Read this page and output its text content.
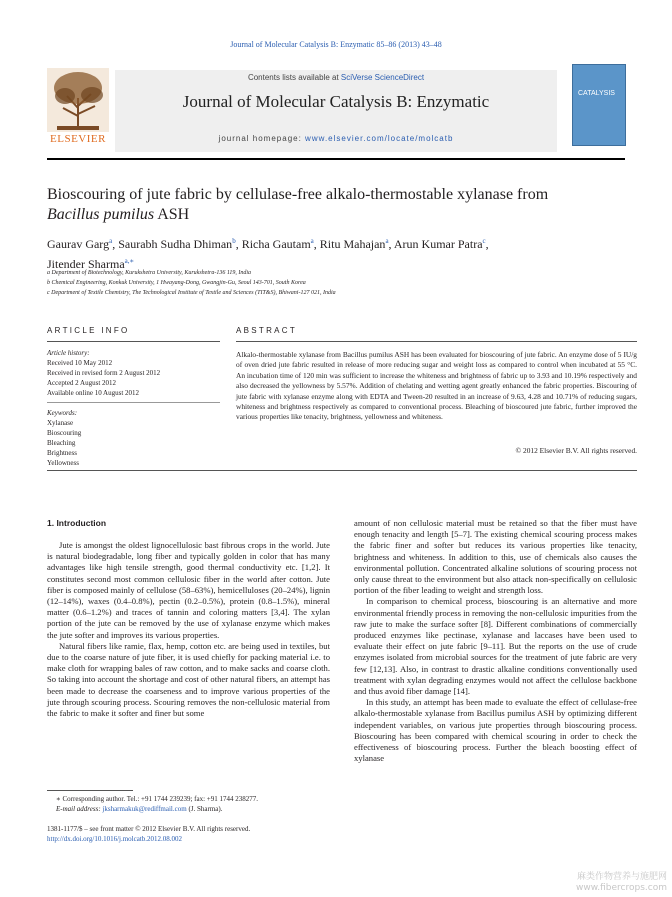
Journal of Molecular Catalysis B: Enzymatic 85–86 (2013) 43–48
ELSEVIER
Contents lists available at SciVerse ScienceDirect
Journal of Molecular Catalysis B: Enzymatic
journal homepage: www.elsevier.com/locate/molcatb
CATALYSIS
Bioscouring of jute fabric by cellulase-free alkalo-thermostable xylanase from
Bacillus pumilus ASH
Gaurav Garg$^a$, Saurabh Sudha Dhiman$^b$, Richa Gautam$^a$, Ritu Mahajan$^a$, Arun Kumar Patra$^c$,
Jitender Sharma$^{a,∗}$
a Department of Biotechnology, Kurukshetra University, Kurukshetra-136 119, India
b Chemical Engineering, Konkuk University, 1 Hwayang-Dong, Gwangjin-Gu, Seoul 143-701, South Korea
c Department of Textile Chemistry, The Technological Institute of Textile and Sciences (TIT&S), Bhiwani-127 021, India
ARTICLE INFO	ABSTRACT
Article history:
Received 10 May 2012
Received in revised form 2 August 2012
Accepted 2 August 2012
Available online 10 August 2012
Keywords:
Xylanase
Bioscouring
Bleaching
Brightness
Yellowness
Alkalo-thermostable xylanase from Bacillus pumilus ASH has been evaluated for bioscouring of jute fabric. An enzyme dose of 5 IU/g of oven dried jute fabric resulted in release of more reducing sugar and weight loss as compared to control when incubated at 55 °C. An incubation time of 120 min was sufficient to increase the whiteness and brightness of fabric up to 3.93 and 10.19% respectively and also decreased the yellowness by 5.57%. Addition of chelating and wetting agent greatly enhanced the fabric properties. Biscouring of jute fabric with xylanase enzyme along with EDTA and Tween-20 resulted in an increase of 9.63, 4.28 and 10.71% of reducing sugars, whiteness and brightness respectively as compared to conventional process. Bleaching of bioscoured jute fabric, further improved the various properties like tenacity, brightness, yellowness and whiteness.
© 2012 Elsevier B.V. All rights reserved.
1. Introduction

Jute is amongst the oldest lignocellulosic bast fibrous crops in the world. Jute is natural biodegradable, long fiber and typically golden in color that has many advantages like high tensile strength, good thermal conductivity etc. [1,2]. It constitutes second most common cellulosic fiber in the world after cotton. Jute fiber is composed mainly of cellulose (58–63%), hemicelluloses (20–24%), lignin (12–14%), waxes (0.4–0.8%), pectin (0.2–0.5%), protein (0.8–1.5%), mineral matter (0.6–1.2%) and traces of tannin and coloring matters [3,4]. The xylan portion of the jute can be removed by the use of xylanase enzyme which makes the jute softer and improves its various properties.

Natural fibers like ramie, flax, hemp, cotton etc. are being used in textiles, but due to the coarse nature of jute fiber, it is used chiefly for packing material i.e. to make cloth for wrapping bales of raw cotton, and to make sacks and coarse cloth. So taking into account the shortage and cost of other natural fibers, an attempt has been made to decrease the coarseness and to improve various properties of the jute through scouring process. Scouring removes the non-cellulosic material from the fabric to make it softer and finer but some

amount of non cellulosic material must be retained so that the fiber must have enough tenacity and length [5–7]. The existing chemical scouring process makes the fabric finer and softer but reduces its various properties like tenacity, brightness and whiteness. In addition to this, use of chemicals also causes the environmental pollution. Concentrated alkaline solutions of scouring process not only cause threat to the environment but also attack non-specifically on cellulosic portion of the fiber leading to weight and strength loss.

In comparison to chemical process, bioscouring is an alternative and more environmental friendly process in removing the non-cellulosic impurities from the raw jute to make the surface softer [8]. Different combinations of commercially produced enzymes like pectinase, xylanase and laccases have been used to evaluate their effect on jute fabric [9–11]. But the reports on the use of crude enzymes isolated from microbial sources for the treatment of jute fabric are very few [12,13]. Also, in contrast to drastic alkaline conditions conventionally used treatment with xylan degrading enzymes would not affect the cellulose backbone and thus avoid fiber damage [14].

In this study, an attempt has been made to evaluate the effect of cellulase-free alkalo-thermostable xylanase from Bacillus pumilus ASH by optimizing different independent variables, on various jute properties through bioscouring process. Bioscouring has been compared with chemical scouring in order to check the effectiveness of bioscouring process. Further the bleach boosting effect of xylanase

∗ Corresponding author. Tel.: +91 1744 239239; fax: +91 1744 238277.
E-mail address: jksharmakuk@rediffmail.com (J. Sharma).
1381-1177/$ – see front matter © 2012 Elsevier B.V. All rights reserved.
http://dx.doi.org/10.1016/j.molcatb.2012.08.002
麻类作物营养与施肥网
www.fibercrops.com
